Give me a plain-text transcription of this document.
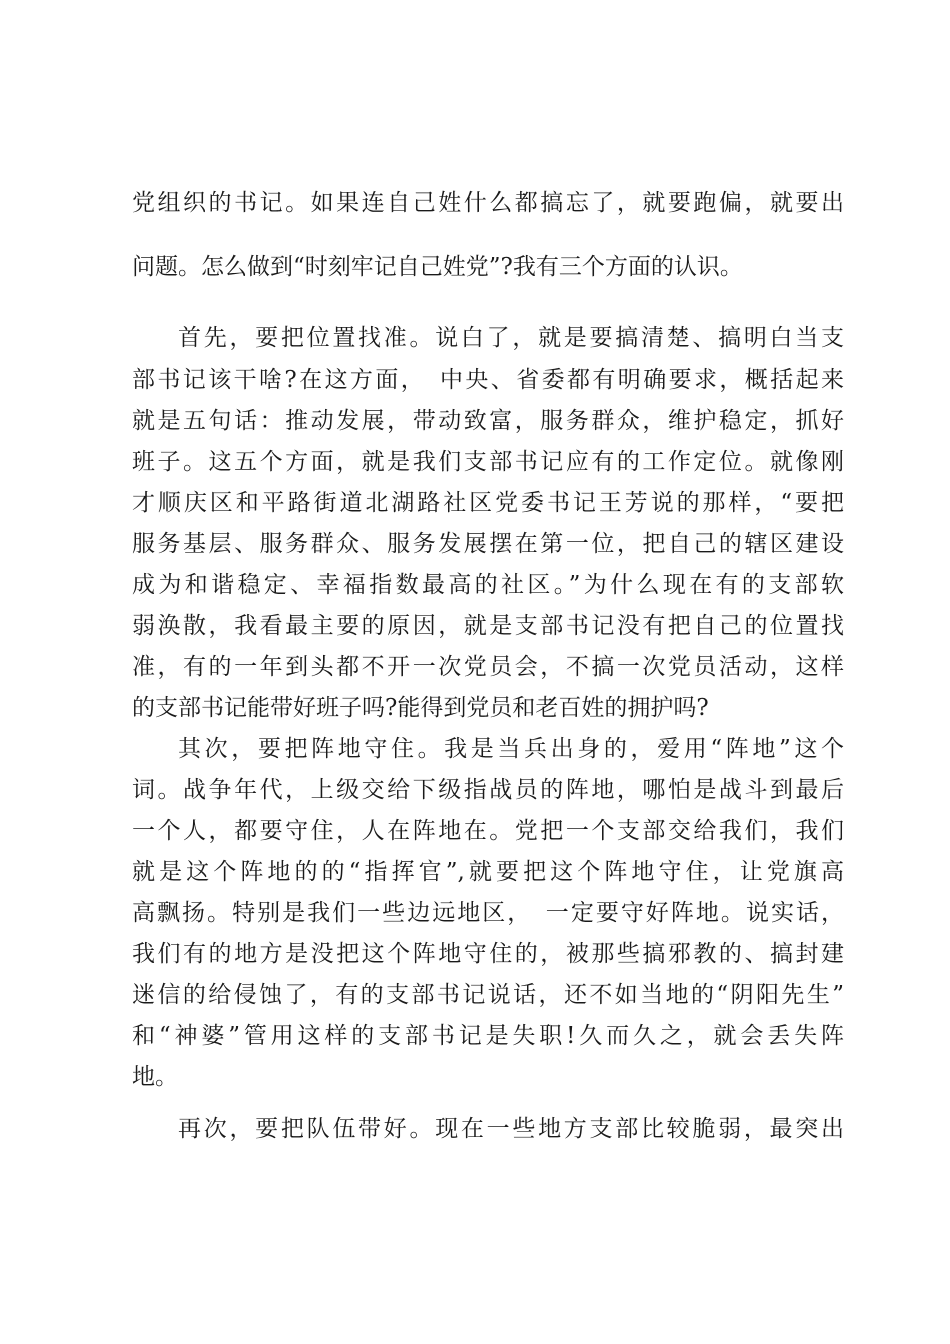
党组织的书记。如果连自己姓什么都搞忘了，就要跑偏，就要出
问题。怎么做到“时刻牢记自己姓党”?我有三个方面的认识。
首先，要把位置找准。说白了，就是要搞清楚、搞明白当支
部书记该干啥?在这方面，　中央、省委都有明确要求，概括起来
就是五句话：推动发展，带动致富，服务群众，维护稳定，抓好
班子。这五个方面，就是我们支部书记应有的工作定位。就像刚
才顺庆区和平路街道北湖路社区党委书记王芳说的那样，“要把
服务基层、服务群众、服务发展摆在第一位，把自己的辖区建设
成为和谐稳定、幸福指数最高的社区。”为什么现在有的支部软
弱涣散，我看最主要的原因，就是支部书记没有把自己的位置找
准，有的一年到头都不开一次党员会，不搞一次党员活动，这样
的支部书记能带好班子吗?能得到党员和老百姓的拥护吗?
其次，要把阵地守住。我是当兵出身的，爱用“阵地”这个
词。战争年代，上级交给下级指战员的阵地，哪怕是战斗到最后
一个人，都要守住，人在阵地在。党把一个支部交给我们，我们
就是这个阵地的的“指挥官”,就要把这个阵地守住，让党旗高
高飘扬。特别是我们一些边远地区，　一定要守好阵地。说实话，
我们有的地方是没把这个阵地守住的，被那些搞邪教的、搞封建
迷信的给侵蚀了，有的支部书记说话，还不如当地的“阴阳先生”
和“神婆”管用这样的支部书记是失职!久而久之，就会丢失阵
地。
再次，要把队伍带好。现在一些地方支部比较脆弱，最突出
